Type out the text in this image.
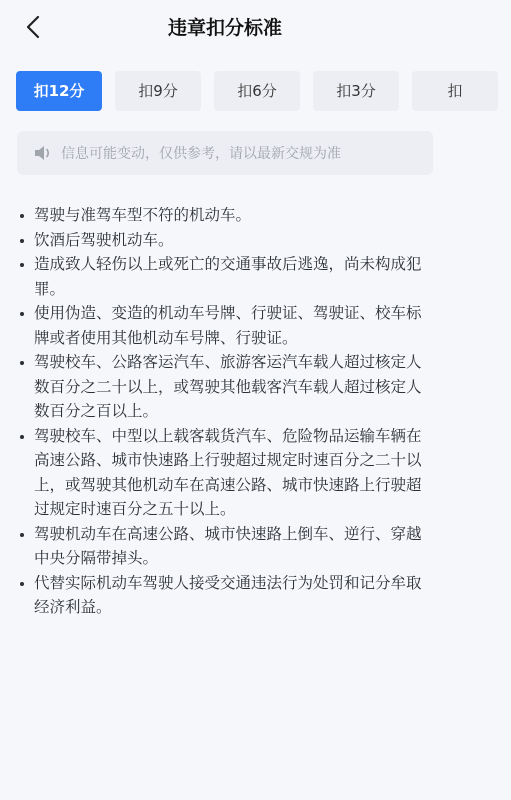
违章扣分标准
扣12分	扣9分	扣6分	扣3分	扣
信息可能变动，仅供参考，请以最新交规为准
驾驶与准驾车型不符的机动车。
饮酒后驾驶机动车。
造成致人轻伤以上或死亡的交通事故后逃逸，尚未构成犯罪。
使用伪造、变造的机动车号牌、行驶证、驾驶证、校车标牌或者使用其他机动车号牌、行驶证。
驾驶校车、公路客运汽车、旅游客运汽车载人超过核定人数百分之二十以上，或驾驶其他载客汽车载人超过核定人数百分之百以上。
驾驶校车、中型以上载客载货汽车、危险物品运输车辆在高速公路、城市快速路上行驶超过规定时速百分之二十以上，或驾驶其他机动车在高速公路、城市快速路上行驶超过规定时速百分之五十以上。
驾驶机动车在高速公路、城市快速路上倒车、逆行、穿越中央分隔带掉头。
代替实际机动车驾驶人接受交通违法行为处罚和记分牟取经济利益。
